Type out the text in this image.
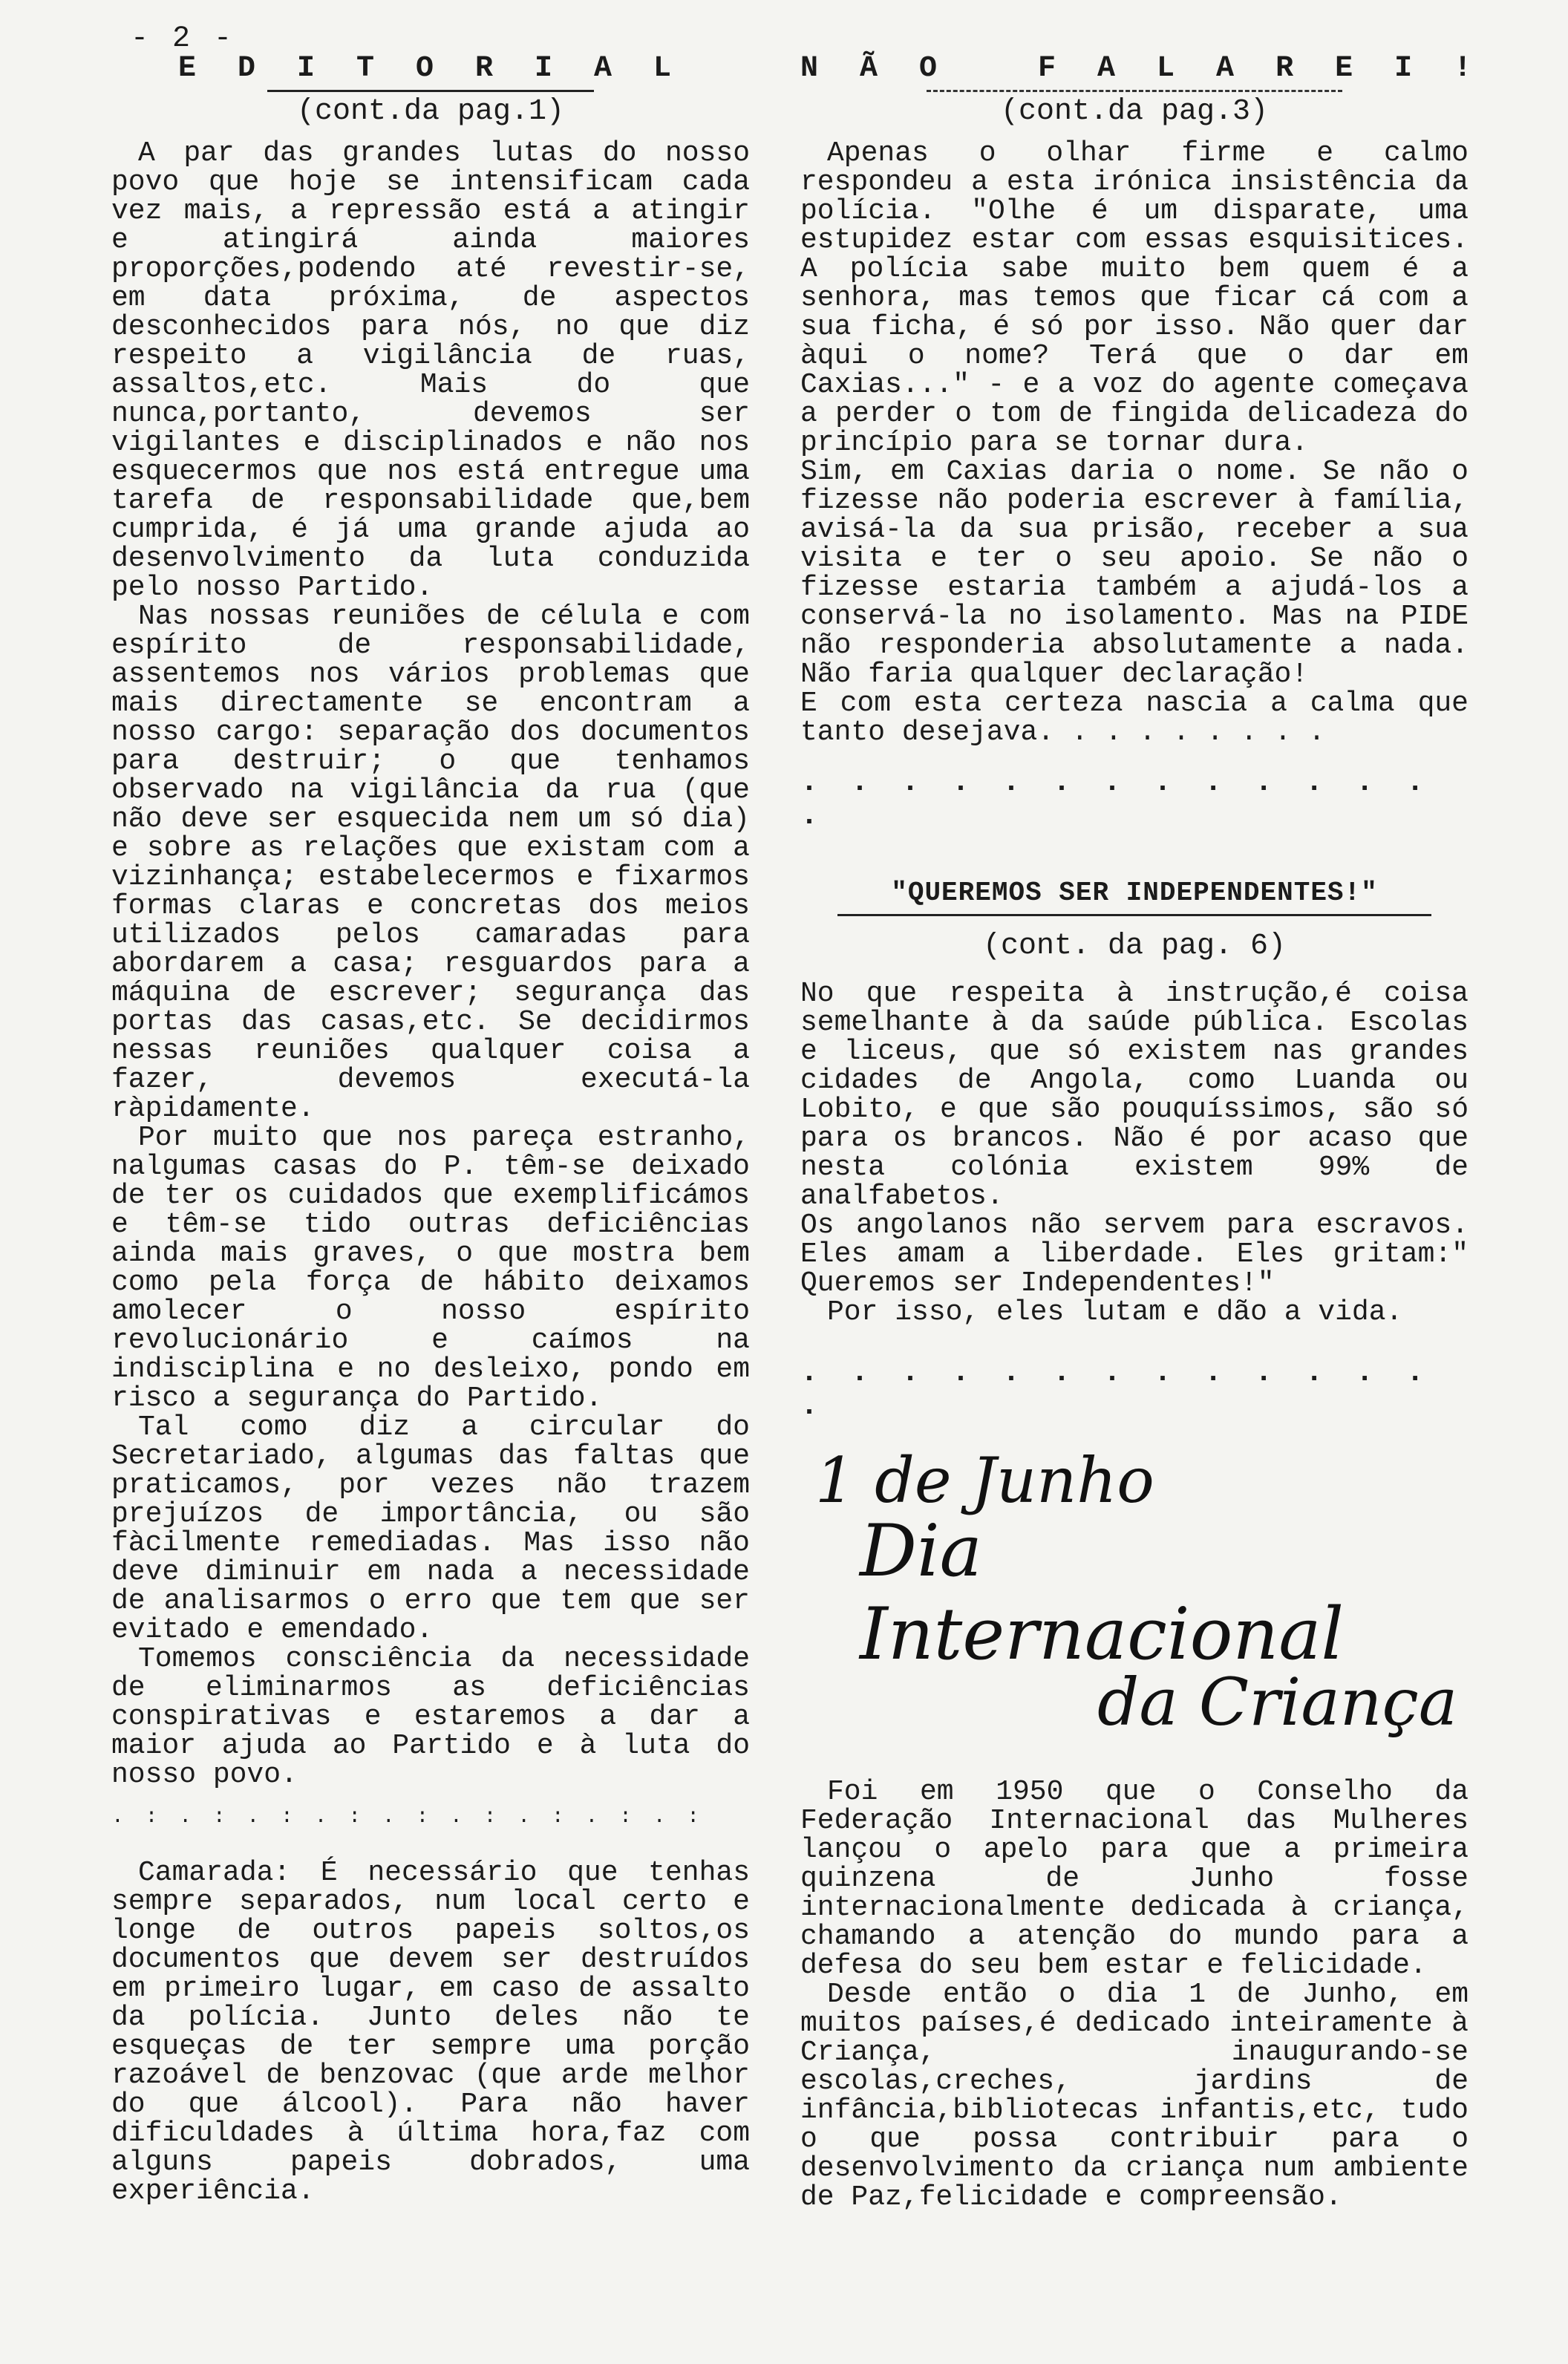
- 2 -
E D I T O R I A L
(cont.da pag.1)

A par das grandes lutas do nosso povo que hoje se intensificam cada vez mais, a repressão está a atingir e atingirá ainda maiores proporções,podendo até revestir-se, em data próxima, de aspectos desconhecidos para nós, no que diz respeito a vigilância de ruas, assaltos,etc. Mais do que nunca,portanto, devemos ser vigilantes e disciplinados e não nos esquecermos que nos está entregue uma tarefa de responsabilidade que,bem cumprida, é já uma grande ajuda ao desenvolvimento da luta conduzida pelo nosso Partido.

Nas nossas reuniões de célula e com espírito de responsabilidade, assentemos nos vários problemas que mais directamente se encontram a nosso cargo: separação dos documentos para destruir; o que tenhamos observado na vigilância da rua (que não deve ser esquecida nem um só dia) e sobre as relações que existam com a vizinhança; estabelecermos e fixarmos formas claras e concretas dos meios utilizados pelos camaradas para abordarem a casa; resguardos para a máquina de escrever; segurança das portas das casas,etc. Se decidirmos nessas reuniões qualquer coisa a fazer, devemos executá-la ràpidamente.

Por muito que nos pareça estranho, nalgumas casas do P. têm-se deixado de ter os cuidados que exemplificámos e têm-se tido outras deficiências ainda mais graves, o que mostra bem como pela força de hábito deixamos amolecer o nosso espírito revolucionário e caímos na indisciplina e no desleixo, pondo em risco a segurança do Partido.

Tal como diz a circular do Secretariado, algumas das faltas que praticamos, por vezes não trazem prejuízos de importância, ou são fàcilmente remediadas. Mas isso não deve diminuir em nada a necessidade de analisarmos o erro que tem que ser evitado e emendado.

Tomemos consciência da necessidade de eliminarmos as deficiências conspirativas e estaremos a dar a maior ajuda ao Partido e à luta do nosso povo.

. : . : . : . : . : . : . : . : . :

Camarada: É necessário que tenhas sempre separados, num local certo e longe de outros papeis soltos,os documentos que devem ser destruídos em primeiro lugar, em caso de assalto da polícia. Junto deles não te esqueças de ter sempre uma porção razoável de benzovac (que arde melhor do que álcool). Para não haver dificuldades à última hora,faz com alguns papeis dobrados, uma experiência.

N Ã O   F A L A R E I !
(cont.da pag.3)

Apenas o olhar firme e calmo respondeu a esta irónica insistência da polícia. "Olhe é um disparate, uma estupidez estar com essas esquisitices. A polícia sabe muito bem quem é a senhora, mas temos que ficar cá com a sua ficha, é só por isso. Não quer dar àqui o nome? Terá que o dar em Caxias..." - e a voz do agente começava a perder o tom de fingida delicadeza do princípio para se tornar dura.

Sim, em Caxias daria o nome. Se não o fizesse não poderia escrever à família, avisá-la da sua prisão, receber a sua visita e ter o seu apoio. Se não o fizesse estaria também a ajudá-los a conservá-la no isolamento. Mas na PIDE não responderia absolutamente a nada. Não faria qualquer declaração!

E com esta certeza nascia a calma que tanto desejava. . . . . . . . .

. . . . . . . . . . . . . .
"QUEREMOS SER INDEPENDENTES!"
(cont. da pag. 6)

No que respeita à instrução,é coisa semelhante à da saúde pública. Escolas e liceus, que só existem nas grandes cidades de Angola, como Luanda ou Lobito, e que são pouquíssimos, são só para os brancos. Não é por acaso que nesta colónia existem 99% de analfabetos.

Os angolanos não servem para escravos. Eles amam a liberdade. Eles gritam:" Queremos ser Independentes!"

Por isso, eles lutam e dão a vida.

. . . . . . . . . . . . . .
1 de Junho
Dia Internacional
da Criança

Foi em 1950 que o Conselho da Federação Internacional das Mulheres lançou o apelo para que a primeira quinzena de Junho fosse internacionalmente dedicada à criança, chamando a atenção do mundo para a defesa do seu bem estar e felicidade.

Desde então o dia 1 de Junho, em muitos países,é dedicado inteiramente à Criança, inaugurando-se escolas,creches, jardins de infância,bibliotecas infantis,etc, tudo o que possa contribuir para o desenvolvimento da criança num ambiente de Paz,felicidade e compreensão.
